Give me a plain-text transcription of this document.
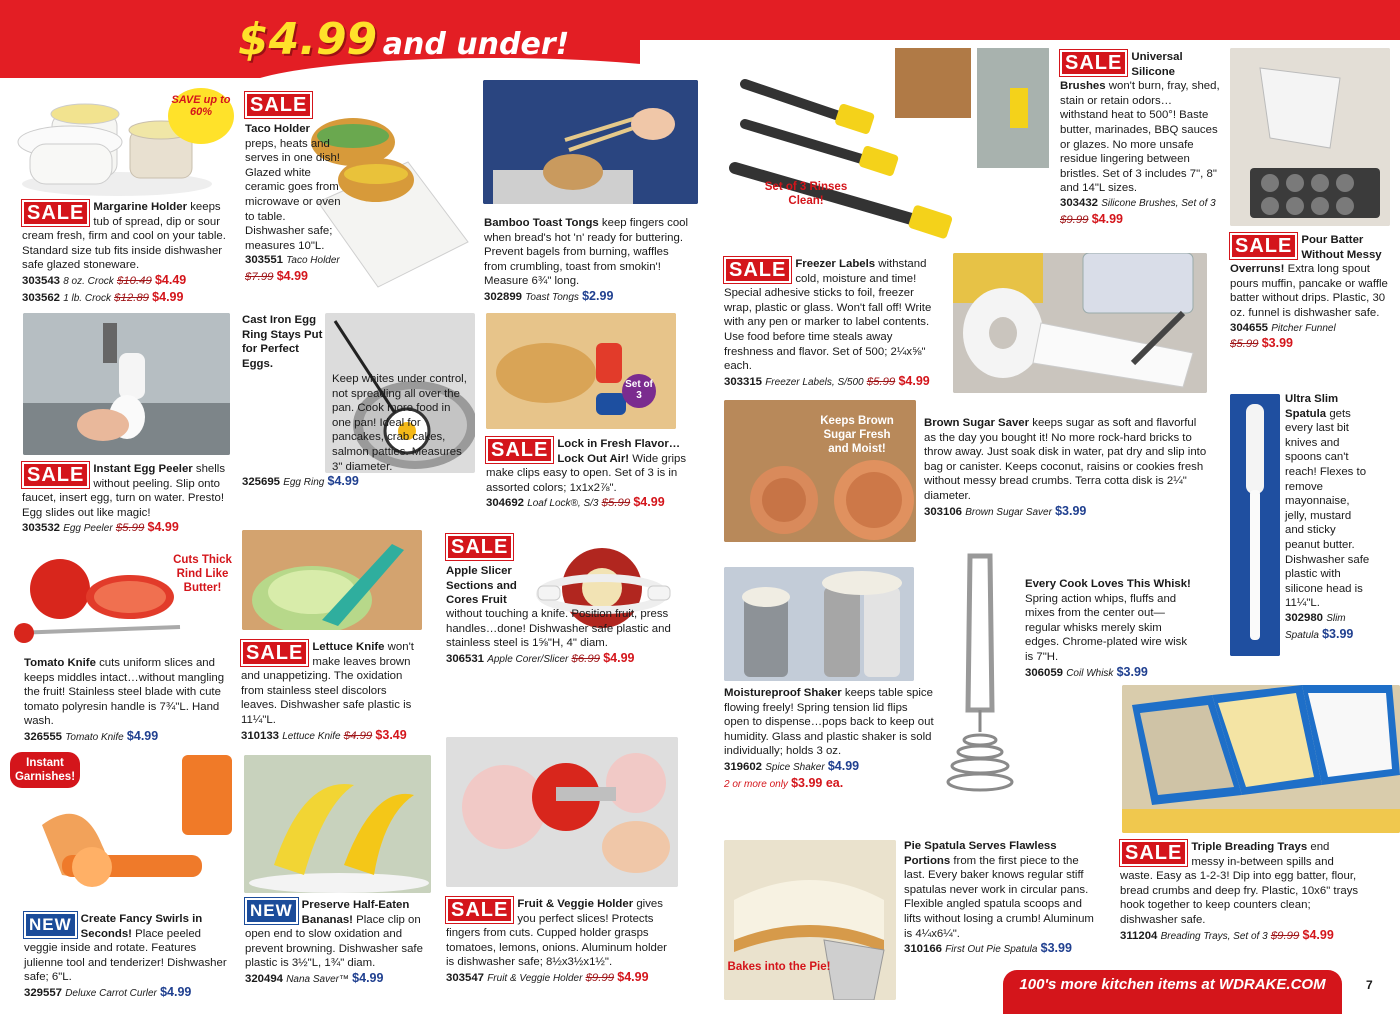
$4.99 and under!
SAVE up to 60%
SALE Margarine Holder keeps tub of spread, dip or sour cream fresh, firm and cool on your table. Standard size tub fits inside dishwasher safe glazed stoneware.
303543 8 oz. Crock $10.49 $4.49
303562 1 lb. Crock $12.89 $4.99
SALE
Taco Holder
preps, heats and serves in one dish! Glazed white ceramic goes from microwave or oven to table. Dishwasher safe; measures 10"L.
303551 Taco Holder
$7.99 $4.99
Bamboo Toast Tongs keep fingers cool when bread's hot 'n' ready for buttering. Prevent bagels from burning, waffles from crumbling, toast from smokin'! Measure 6¾" long.
302899 Toast Tongs $2.99
SALE Instant Egg Peeler shells without peeling. Slip onto faucet, insert egg, turn on water. Presto! Egg slides out like magic!
303532 Egg Peeler $5.99 $4.99
Cast Iron Egg Ring Stays Put for Perfect Eggs.
Keep whites under control, not spreading all over the pan. Cook more food in one pan! Ideal for pancakes, crab cakes, salmon patties. Measures 3" diameter.
325695 Egg Ring $4.99
Set of 3
SALE Lock in Fresh Flavor… Lock Out Air! Wide grips make clips easy to open. Set of 3 is in assorted colors; 1x1x2⅞".
304692 Loaf Lock®, S/3 $5.99 $4.99
Cuts Thick Rind Like Butter!
Tomato Knife cuts uniform slices and keeps middles intact…without mangling the fruit! Stainless steel blade with cute tomato polyresin handle is 7¾"L. Hand wash.
326555 Tomato Knife $4.99
SALE Lettuce Knife won't make leaves brown and unappetizing. The oxidation from stainless steel discolors leaves. Dishwasher safe plastic is 11¼"L.
310133 Lettuce Knife $4.99 $3.49
SALE

Apple Slicer Sections and Cores Fruit
without touching a knife. Position fruit, press handles…done! Dishwasher safe plastic and stainless steel is 1⅝"H, 4" diam.
306531 Apple Corer/Slicer $6.99 $4.99
Instant Garnishes!
NEW Create Fancy Swirls in Seconds! Place peeled veggie inside and rotate. Features julienne tool and tenderizer! Dishwasher safe; 6"L.
329557 Deluxe Carrot Curler $4.99
NEW Preserve Half-Eaten Bananas! Place clip on open end to slow oxidation and prevent browning. Dishwasher safe plastic is 3½"L, 1¾" diam.
320494 Nana Saver™ $4.99
SALE Fruit & Veggie Holder gives you perfect slices! Protects fingers from cuts. Cupped holder grasps tomatoes, lemons, onions. Aluminum holder is dishwasher safe; 8½x3½x1½".
303547 Fruit & Veggie Holder $9.99 $4.99
Set of 3 Rinses Clean!
SALE Universal Silicone Brushes won't burn, fray, shed, stain or retain odors…withstand heat to 500°! Baste butter, marinades, BBQ sauces or glazes. No more unsafe residue lingering between bristles. Set of 3 includes 7", 8" and 14"L sizes.
303432 Silicone Brushes, Set of 3 $9.99 $4.99
SALE Pour Batter Without Messy Overruns! Extra long spout pours muffin, pancake or waffle batter without drips. Plastic, 30 oz. funnel is dishwasher safe.
304655 Pitcher Funnel
$5.99 $3.99
SALE Freezer Labels withstand cold, moisture and time! Special adhesive sticks to foil, freezer wrap, plastic or glass. Won't fall off! Write with any pen or marker to label contents. Use food before time steals away freshness and flavor. Set of 500; 2¼x⅝" each.
303315 Freezer Labels, S/500 $5.99 $4.99
Keeps Brown Sugar Fresh and Moist!
Brown Sugar Saver keeps sugar as soft and flavorful as the day you bought it! No more rock-hard bricks to throw away. Just soak disk in water, pat dry and slip into bag or canister. Keeps coconut, raisins or cookies fresh without messy bread crumbs. Terra cotta disk is 2¼" diameter.
303106 Brown Sugar Saver $3.99
Ultra Slim Spatula gets every last bit knives and spoons can't reach! Flexes to remove mayonnaise, jelly, mustard and sticky peanut butter. Dishwasher safe plastic with silicone head is 11¼"L.
302980 Slim Spatula $3.99
Moistureproof Shaker keeps table spice flowing freely! Spring tension lid flips open to dispense…pops back to keep out humidity. Glass and plastic shaker is sold individually; holds 3 oz.
319602 Spice Shaker $4.99
2 or more only $3.99 ea.
Every Cook Loves This Whisk!
Spring action whips, fluffs and mixes from the center out—regular whisks merely skim edges. Chrome-plated wire wisk is 7"H.
306059 Coil Whisk $3.99
Bakes into the Pie!
Pie Spatula Serves Flawless Portions from the first piece to the last. Every baker knows regular stiff spatulas never work in circular pans. Flexible angled spatula scoops and lifts without losing a crumb! Aluminum is 4¼x6¼".
310166 First Out Pie Spatula $3.99
SALE Triple Breading Trays end messy in-between spills and waste. Easy as 1-2-3! Dip into egg batter, flour, bread crumbs and deep fry. Plastic, 10x6" trays hook together to keep counters clean; dishwasher safe.
311204 Breading Trays, Set of 3 $9.99 $4.99
100's more kitchen items at WDRAKE.COM	7
